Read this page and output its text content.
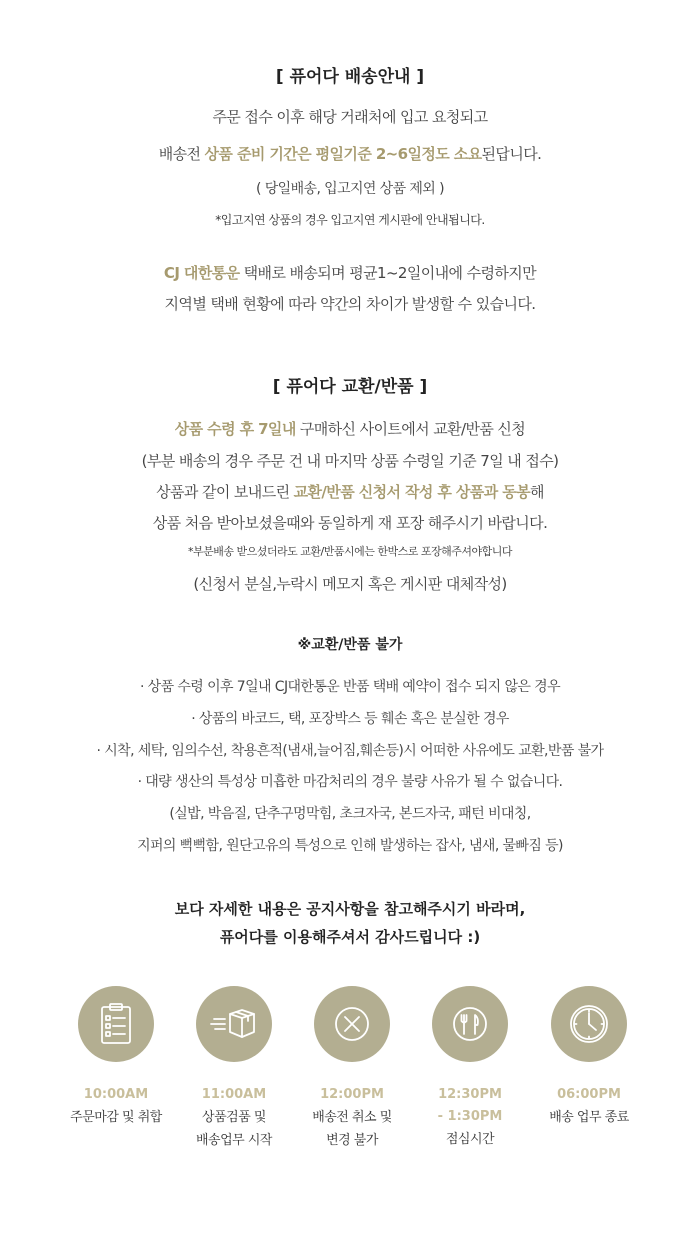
[ 퓨어다 배송안내 ]
주문 접수 이후 해당 거래처에 입고 요청되고
배송전 상품 준비 기간은 평일기준 2~6일정도 소요된답니다.
( 당일배송, 입고지연 상품 제외 )
*입고지연 상품의 경우 입고지연 게시판에 안내됩니다.
CJ 대한통운 택배로 배송되며 평균1~2일이내에 수령하지만
지역별 택배 현황에 따라 약간의 차이가 발생할 수 있습니다.
[ 퓨어다 교환/반품 ]
상품 수령 후 7일내 구매하신 사이트에서 교환/반품 신청
(부분 배송의 경우 주문 건 내 마지막 상품 수령일 기준 7일 내 접수)
상품과 같이 보내드린 교환/반품 신청서 작성 후 상품과 동봉해
상품 처음 받아보셨을때와 동일하게 재 포장 해주시기 바랍니다.
*부분배송 받으셨더라도 교환/반품시에는 한박스로 포장해주셔야합니다
(신청서 분실,누락시 메모지 혹은 게시판 대체작성)
※교환/반품 불가
· 상품 수령 이후 7일내 CJ대한통운 반품 택배 예약이 접수 되지 않은 경우
· 상품의 바코드, 택, 포장박스 등 훼손 혹은 분실한 경우
· 시착, 세탁, 임의수선, 착용흔적(냄새,늘어짐,훼손등)시 어떠한 사유에도 교환,반품 불가
· 대량 생산의 특성상 미흡한 마감처리의 경우 불량 사유가 될 수 없습니다.
(실밥, 박음질, 단추구멍막힘, 초크자국, 본드자국, 패턴 비대칭,
지퍼의 뻑뻑함, 원단고유의 특성으로 인해 발생하는 잡사, 냄새, 물빠짐 등)
보다 자세한 내용은 공지사항을 참고해주시기 바라며,
퓨어다를 이용해주셔서 감사드립니다 :)
10:00AM
주문마감 및 취합
11:00AM
상품검품 및
배송업무 시작
12:00PM
배송전 취소 및
변경 불가
12:30PM
- 1:30PM
점심시간
06:00PM
배송 업무 종료
